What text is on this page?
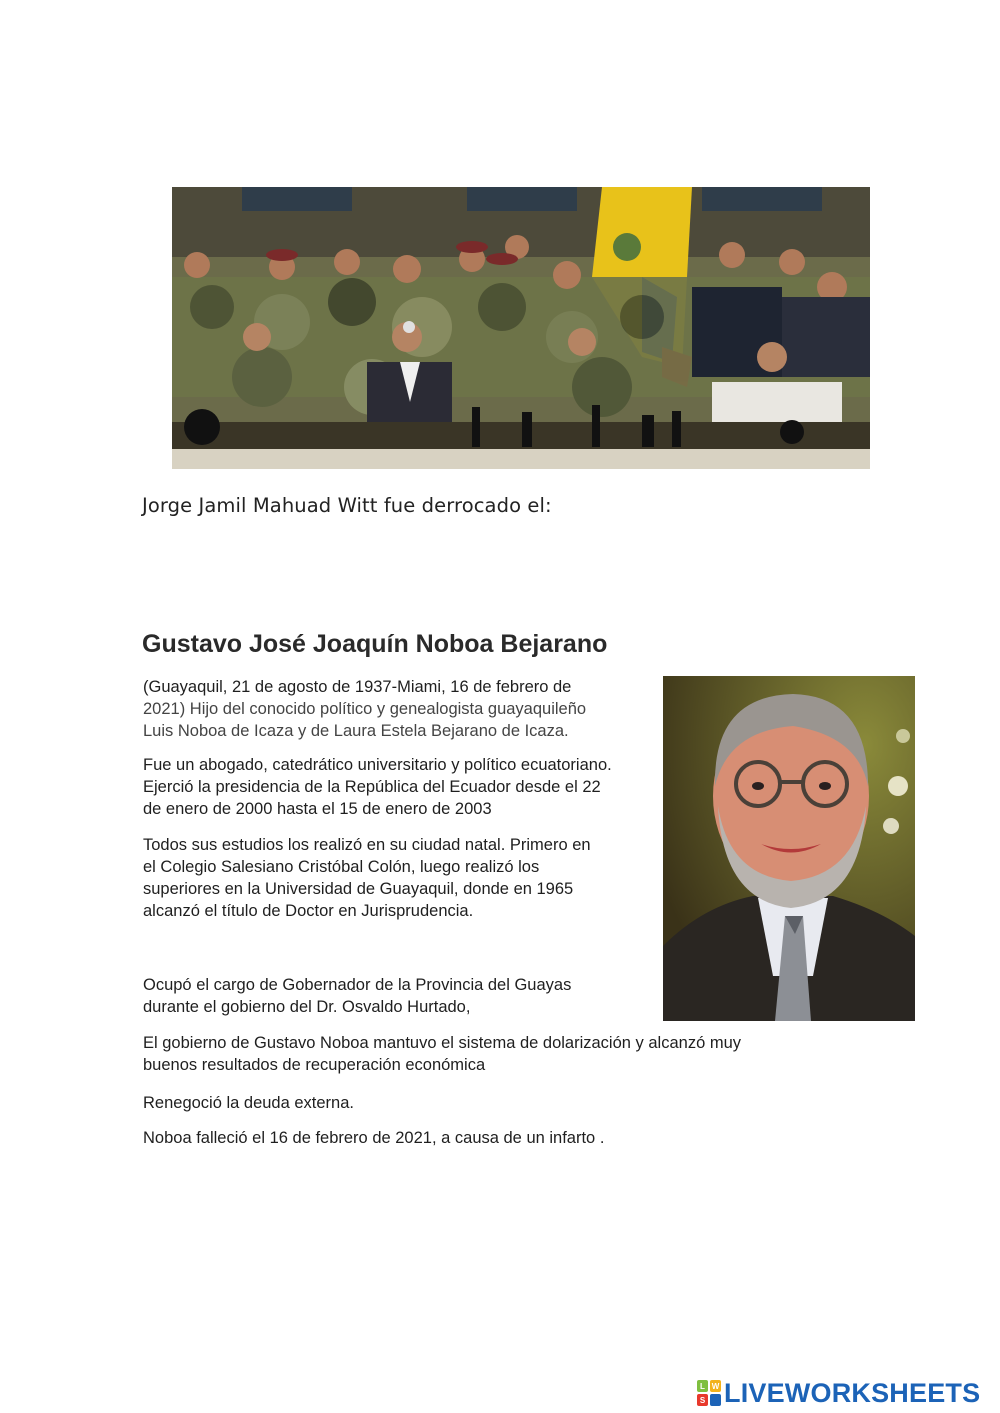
Jorge Jamil Mahuad Witt fue derrocado el:
Gustavo José Joaquín Noboa Bejarano
(Guayaquil, 21 de agosto de 1937-Miami, 16 de febrero de
2021) Hijo del conocido político y genealogista guayaquileño
Luis Noboa de Icaza y de Laura Estela Bejarano de Icaza.
Fue un abogado, catedrático universitario y político ecuatoriano.
Ejerció la presidencia de la República del Ecuador desde el 22
de enero de 2000 hasta el 15 de enero de 2003
Todos sus estudios los realizó en su ciudad natal. Primero en
el Colegio Salesiano Cristóbal Colón, luego realizó los
superiores en la Universidad de Guayaquil, donde en 1965
alcanzó el título de Doctor en Jurisprudencia.
Ocupó el cargo de Gobernador de la Provincia del Guayas
durante el gobierno del Dr. Osvaldo Hurtado,
El gobierno de Gustavo Noboa mantuvo el sistema de dolarización y alcanzó muy
buenos resultados de recuperación económica
Renegoció la deuda externa.
Noboa falleció el 16 de febrero de 2021, a causa de un infarto .
L W
S LIVEWORKSHEETS
